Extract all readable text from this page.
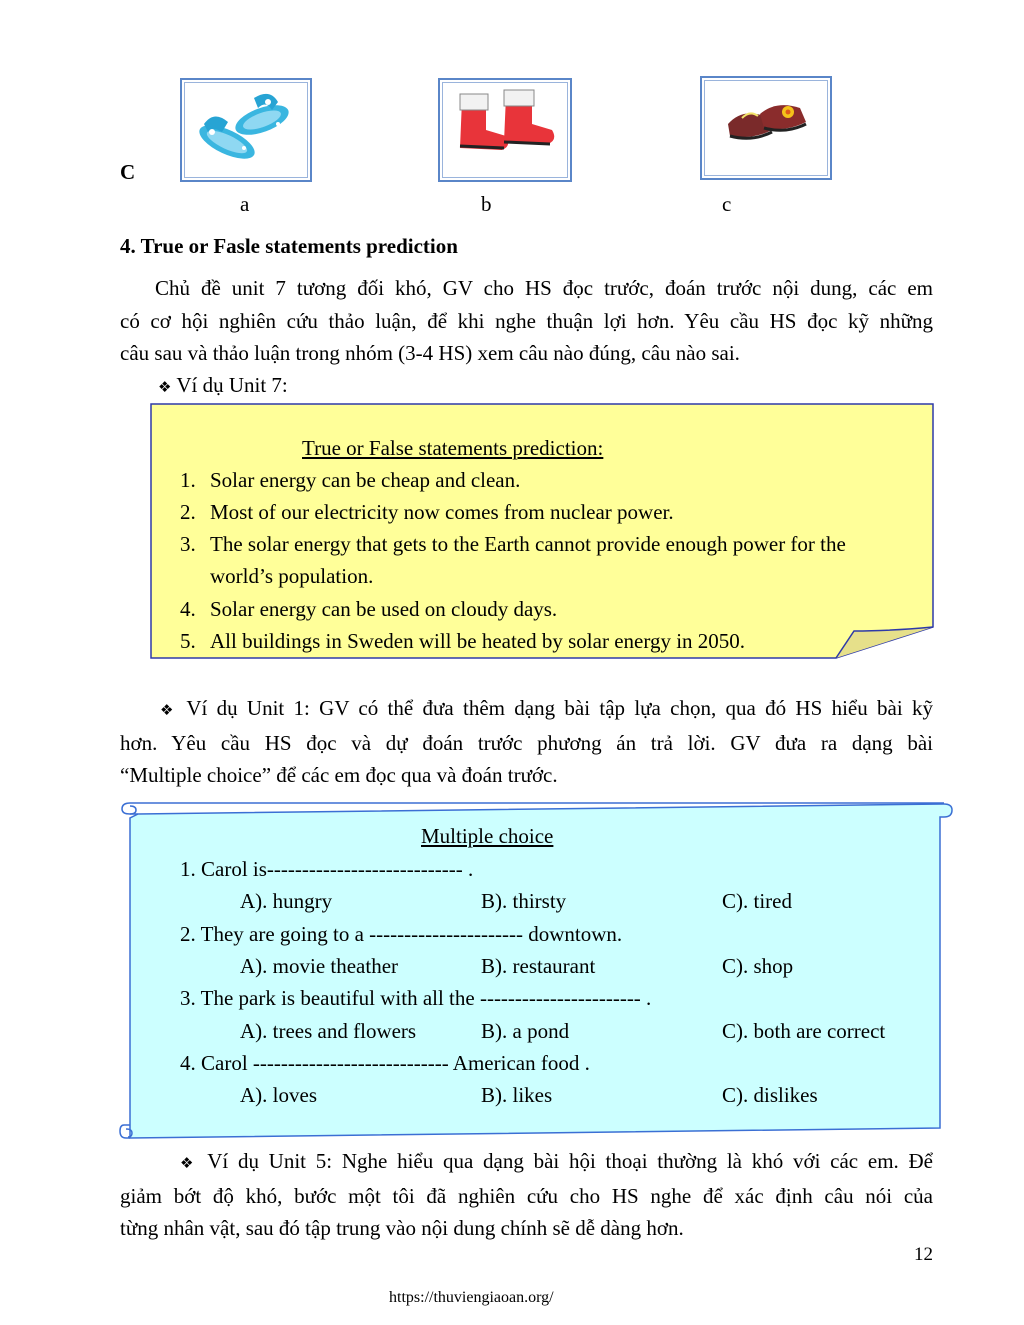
C
a	b	c
4. True or Fasle statements prediction
Chủ đề unit 7 tương đối khó, GV cho HS đọc trước, đoán trước nội dung, các em
có cơ hội nghiên cứu thảo luận, để khi nghe thuận lợi hơn. Yêu cầu HS đọc kỹ những
câu sau và thảo luận trong nhóm (3-4 HS) xem câu nào đúng, câu nào sai.
❖ Ví dụ Unit 7:
True or False statements prediction:
1. Solar energy can be cheap and clean.
2. Most of our electricity now comes from nuclear power.
3. The solar energy that gets to the Earth cannot provide enough power for the
world’s population.
4. Solar energy can be used on cloudy days.
5. All buildings in Sweden will be heated by solar energy in 2050.
❖ Ví dụ Unit 1: GV có thể đưa thêm dạng bài tập lựa chọn, qua đó HS hiểu bài kỹ
hơn. Yêu cầu HS đọc và dự đoán trước phương án trả lời. GV đưa ra dạng bài
“Multiple choice” để các em đọc qua và đoán trước.
Multiple choice
1. Carol is---------------------------- .
A). hungry	B). thirsty	C). tired
2. They are going to a ---------------------- downtown.
A). movie theather	B). restaurant	C). shop
3. The park is beautiful with all the ----------------------- .
A). trees and flowers	B). a pond	C). both are correct
4. Carol ---------------------------- American food .
A). loves	B). likes	C). dislikes
❖ Ví dụ Unit 5: Nghe hiểu qua dạng bài hội thoại thường là khó với các em. Để
giảm bớt độ khó, bước một tôi đã nghiên cứu cho HS nghe để xác định câu nói của
từng nhân vật, sau đó tập trung vào nội dung chính sẽ dễ dàng hơn.
12
https://thuviengiaoan.org/
